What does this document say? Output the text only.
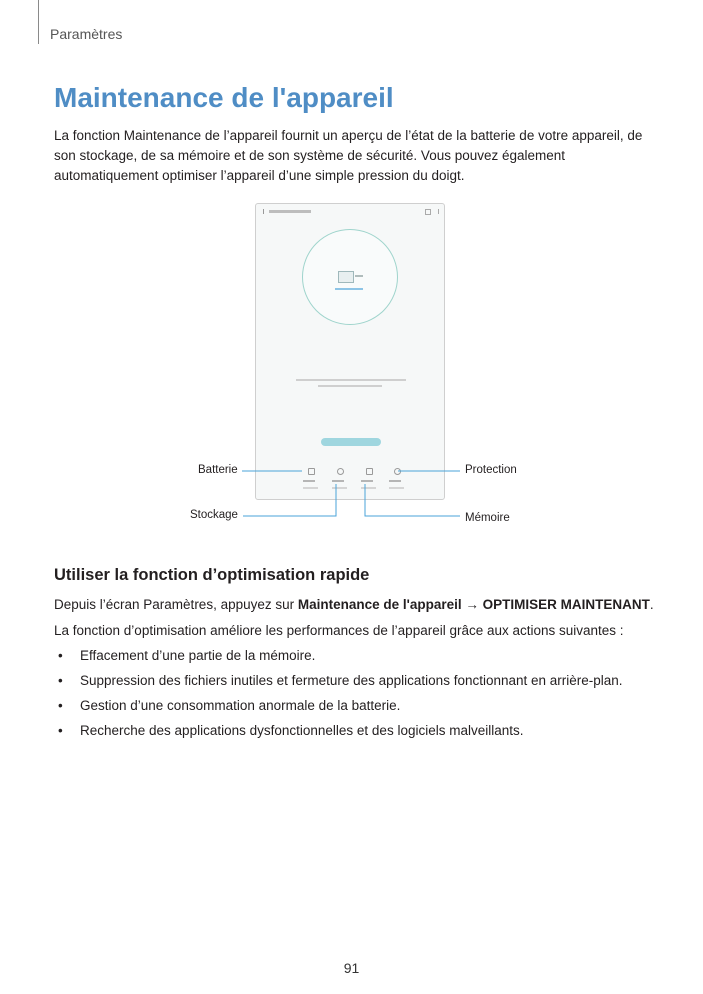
Paramètres
Maintenance de l'appareil

La fonction Maintenance de l’appareil fournit un aperçu de l’état de la batterie de votre appareil, de son stockage, de sa mémoire et de son système de sécurité. Vous pouvez également automatiquement optimiser l’appareil d’une simple pression du doigt.

Batterie	Protection
Stockage	Mémoire
Utiliser la fonction d’optimisation rapide

Depuis l’écran Paramètres, appuyez sur Maintenance de l'appareil → OPTIMISER MAINTENANT.

La fonction d’optimisation améliore les performances de l’appareil grâce aux actions suivantes :

• Effacement d’une partie de la mémoire.
• Suppression des fichiers inutiles et fermeture des applications fonctionnant en arrière-plan.
• Gestion d’une consommation anormale de la batterie.
• Recherche des applications dysfonctionnelles et des logiciels malveillants.
91
